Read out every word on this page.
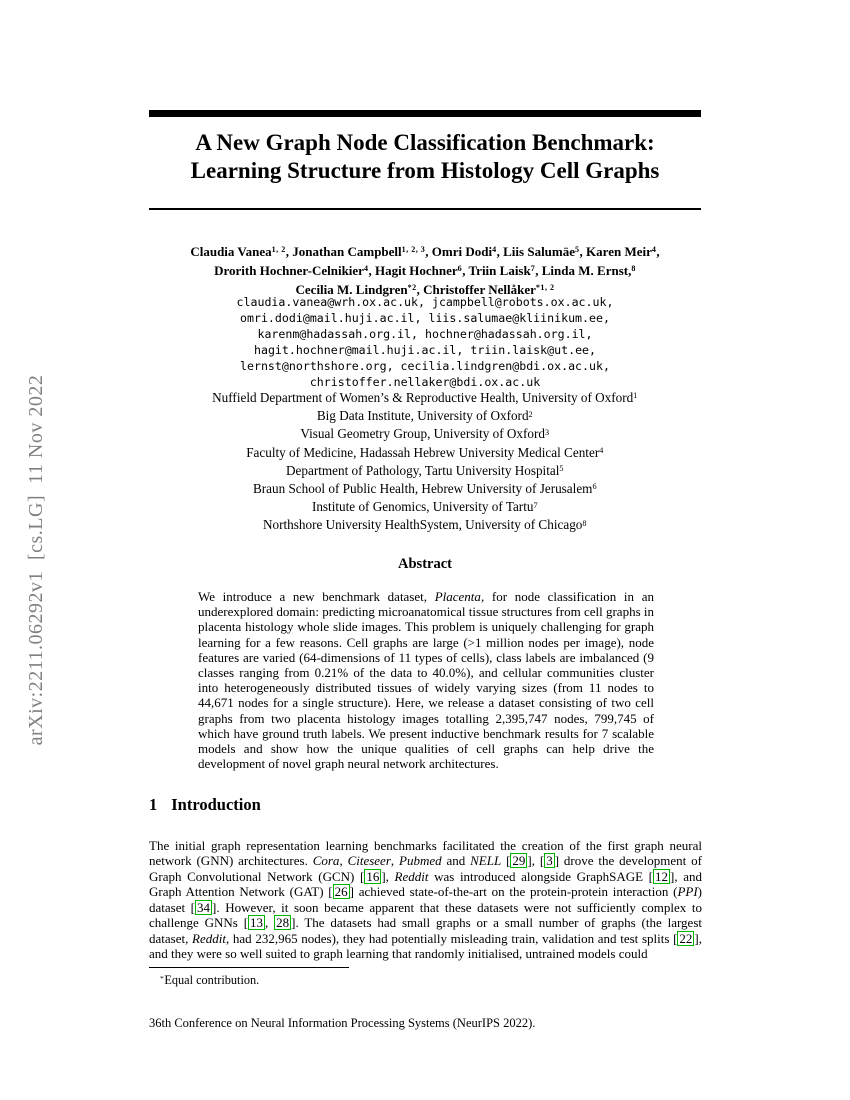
arXiv:2211.06292v1  [cs.LG]  11 Nov 2022
A New Graph Node Classification Benchmark:
Learning Structure from Histology Cell Graphs
Claudia Vanea$^{1, 2}$, Jonathan Campbell$^{1, 2, 3}$, Omri Dodi$^4$, Liis Salumäe$^5$, Karen Meir$^4$,
Drorith Hochner-Celnikier$^4$, Hagit Hochner$^6$, Triin Laisk$^7$, Linda M. Ernst,$^8$
Cecilia M. Lindgren$^{*2}$, Christoffer Nellåker$^{*1, 2}$
claudia.vanea@wrh.ox.ac.uk, jcampbell@robots.ox.ac.uk,
omri.dodi@mail.huji.ac.il, liis.salumae@kliinikum.ee,
karenm@hadassah.org.il, hochner@hadassah.org.il,
hagit.hochner@mail.huji.ac.il, triin.laisk@ut.ee,
lernst@northshore.org, cecilia.lindgren@bdi.ox.ac.uk,
christoffer.nellaker@bdi.ox.ac.uk
Nuffield Department of Women’s & Reproductive Health, University of Oxford$^1$
Big Data Institute, University of Oxford$^2$
Visual Geometry Group, University of Oxford$^3$
Faculty of Medicine, Hadassah Hebrew University Medical Center$^4$
Department of Pathology, Tartu University Hospital$^5$
Braun School of Public Health, Hebrew University of Jerusalem$^6$
Institute of Genomics, University of Tartu$^7$
Northshore University HealthSystem, University of Chicago$^8$
Abstract

We introduce a new benchmark dataset, Placenta, for node classification in an underexplored domain: predicting microanatomical tissue structures from cell graphs in placenta histology whole slide images. This problem is uniquely challenging for graph learning for a few reasons. Cell graphs are large (>1 million nodes per image), node features are varied (64-dimensions of 11 types of cells), class labels are imbalanced (9 classes ranging from 0.21% of the data to 40.0%), and cellular communities cluster into heterogeneously distributed tissues of widely varying sizes (from 11 nodes to 44,671 nodes for a single structure). Here, we release a dataset consisting of two cell graphs from two placenta histology images totalling 2,395,747 nodes, 799,745 of which have ground truth labels. We present inductive benchmark results for 7 scalable models and show how the unique qualities of cell graphs can help drive the development of novel graph neural network architectures.

1 Introduction

The initial graph representation learning benchmarks facilitated the creation of the first graph neural network (GNN) architectures. Cora, Citeseer, Pubmed and NELL [ 29 ], [ 3 ] drove the development of Graph Convolutional Network (GCN) [ 16 ], Reddit was introduced alongside GraphSAGE [ 12 ], and Graph Attention Network (GAT) [ 26 ] achieved state-of-the-art on the protein-protein interaction (PPI) dataset [ 34 ]. However, it soon became apparent that these datasets were not sufficiently complex to challenge GNNs [ 13 , 28 ]. The datasets had small graphs or a small number of graphs (the largest dataset, Reddit, had 232,965 nodes), they had potentially misleading train, validation and test splits [ 22 ], and they were so well suited to graph learning that randomly initialised, untrained models could

*Equal contribution.
36th Conference on Neural Information Processing Systems (NeurIPS 2022).
